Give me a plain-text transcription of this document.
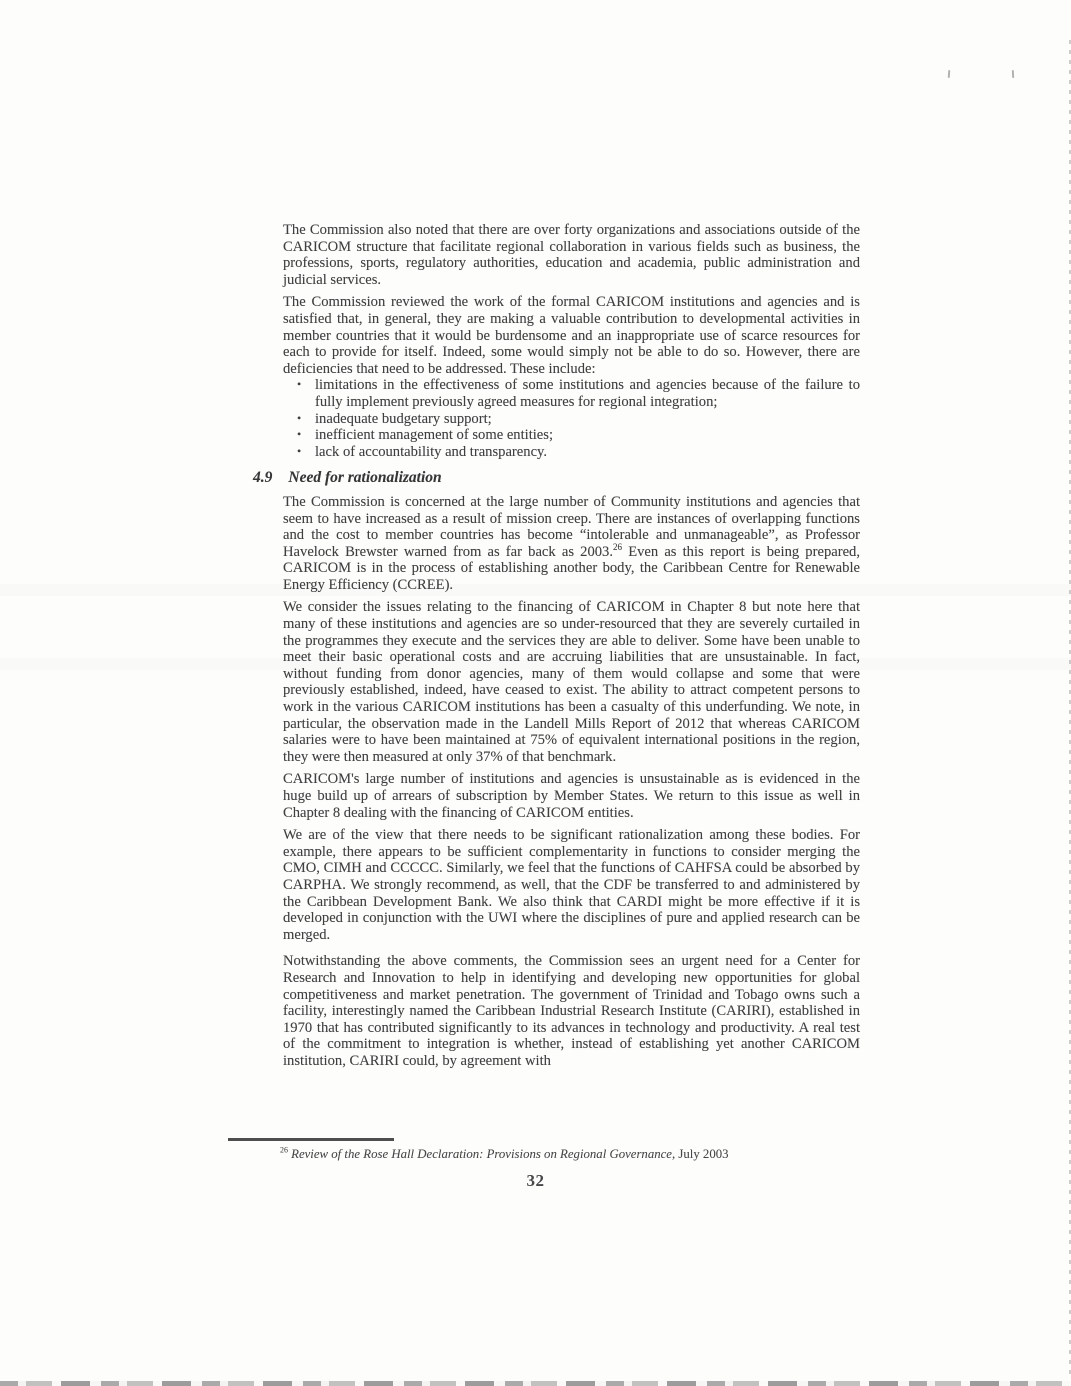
The Commission also noted that there are over forty organizations and associations outside of the CARICOM structure that facilitate regional collaboration in various fields such as business, the professions, sports, regulatory authorities, education and academia, public administration and judicial services.

The Commission reviewed the work of the formal CARICOM institutions and agencies and is satisfied that, in general, they are making a valuable contribution to developmental activities in member countries that it would be burdensome and an inappropriate use of scarce resources for each to provide for itself. Indeed, some would simply not be able to do so. However, there are deficiencies that need to be addressed. These include:

• limitations in the effectiveness of some institutions and agencies because of the failure to fully implement previously agreed measures for regional integration;
• inadequate budgetary support;
• inefficient management of some entities;
• lack of accountability and transparency.
4.9 Need for rationalization

The Commission is concerned at the large number of Community institutions and agencies that seem to have increased as a result of mission creep. There are instances of overlapping functions and the cost to member countries has become “intolerable and unmanageable”, as Professor Havelock Brewster warned from as far back as 2003.26 Even as this report is being prepared, CARICOM is in the process of establishing another body, the Caribbean Centre for Renewable Energy Efficiency (CCREE).

We consider the issues relating to the financing of CARICOM in Chapter 8 but note here that many of these institutions and agencies are so under-resourced that they are severely curtailed in the programmes they execute and the services they are able to deliver. Some have been unable to meet their basic operational costs and are accruing liabilities that are unsustainable. In fact, without funding from donor agencies, many of them would collapse and some that were previously established, indeed, have ceased to exist. The ability to attract competent persons to work in the various CARICOM institutions has been a casualty of this underfunding. We note, in particular, the observation made in the Landell Mills Report of 2012 that whereas CARICOM salaries were to have been maintained at 75% of equivalent international positions in the region, they were then measured at only 37% of that benchmark.

CARICOM's large number of institutions and agencies is unsustainable as is evidenced in the huge build up of arrears of subscription by Member States. We return to this issue as well in Chapter 8 dealing with the financing of CARICOM entities.

We are of the view that there needs to be significant rationalization among these bodies. For example, there appears to be sufficient complementarity in functions to consider merging the CMO, CIMH and CCCCC. Similarly, we feel that the functions of CAHFSA could be absorbed by CARPHA. We strongly recommend, as well, that the CDF be transferred to and administered by the Caribbean Development Bank. We also think that CARDI might be more effective if it is developed in conjunction with the UWI where the disciplines of pure and applied research can be merged.

Notwithstanding the above comments, the Commission sees an urgent need for a Center for Research and Innovation to help in identifying and developing new opportunities for global competitiveness and market penetration. The government of Trinidad and Tobago owns such a facility, interestingly named the Caribbean Industrial Research Institute (CARIRI), established in 1970 that has contributed significantly to its advances in technology and productivity. A real test of the commitment to integration is whether, instead of establishing yet another CARICOM institution, CARIRI could, by agreement with

$^{26}$ Review of the Rose Hall Declaration: Provisions on Regional Governance, July 2003
32
